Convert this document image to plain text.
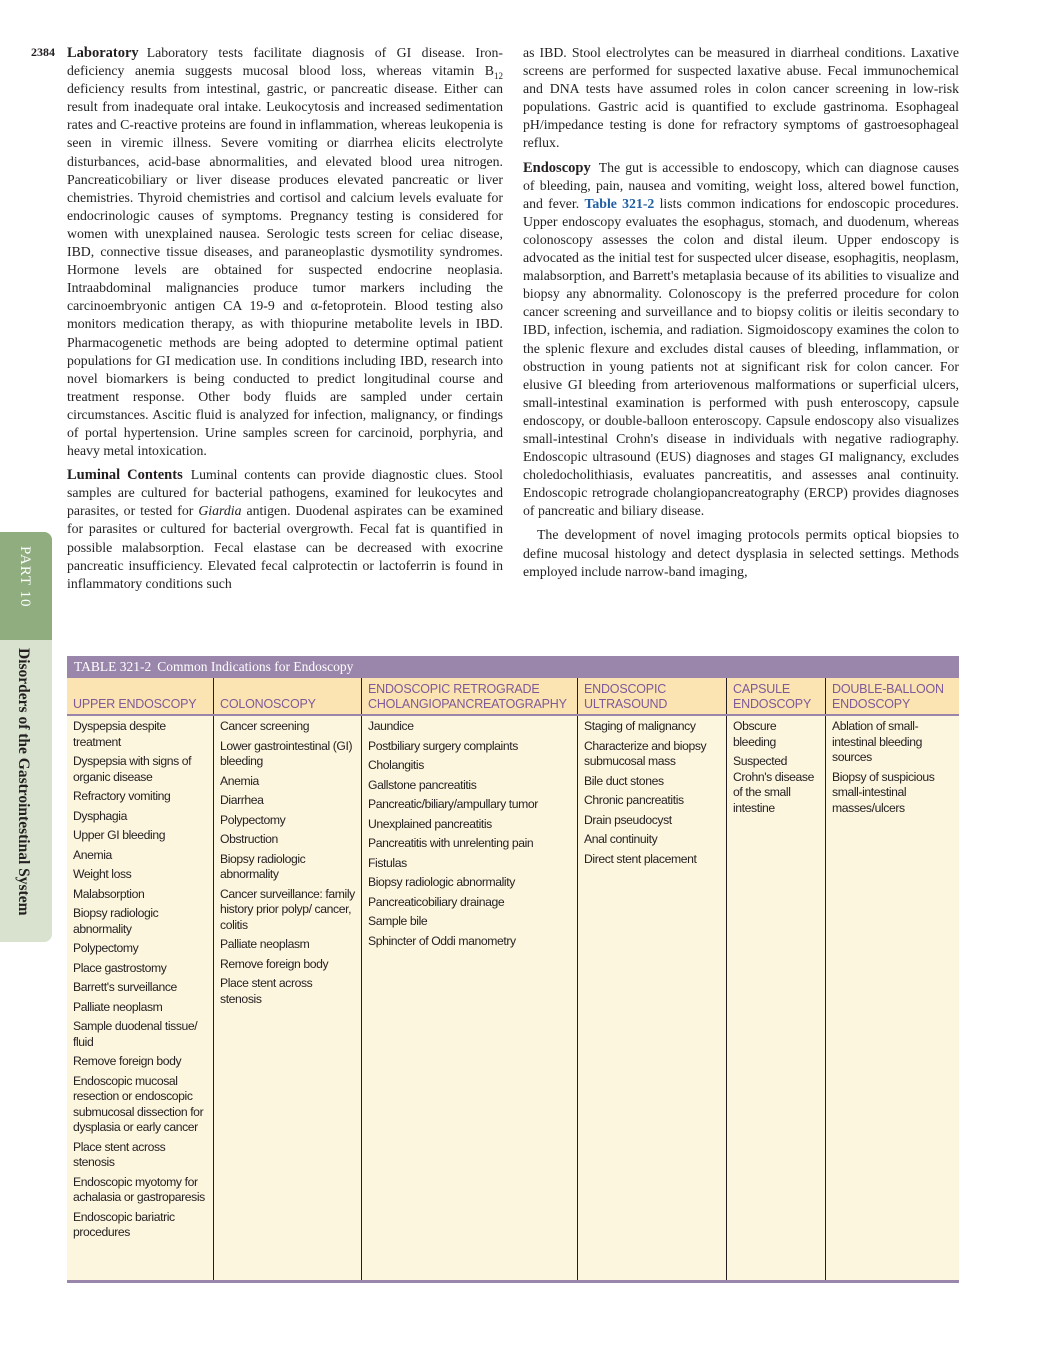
2384
PART 10
Disorders of the Gastrointestinal System

Laboratory Laboratory tests facilitate diagnosis of GI disease. Iron-deficiency anemia suggests mucosal blood loss, whereas vitamin $B_{12}$ deficiency results from intestinal, gastric, or pancreatic disease. Either can result from inadequate oral intake. Leukocytosis and increased sedimentation rates and C-reactive proteins are found in inflammation, whereas leukopenia is seen in viremic illness. Severe vomiting or diarrhea elicits electrolyte disturbances, acid-base abnormalities, and elevated blood urea nitrogen. Pancreaticobiliary or liver disease produces elevated pancreatic or liver chemistries. Thyroid chemistries and cortisol and calcium levels evaluate for endocrinologic causes of symptoms. Pregnancy testing is considered for women with unexplained nausea. Serologic tests screen for celiac disease, IBD, connective tissue diseases, and paraneoplastic dysmotility syndromes. Hormone levels are obtained for suspected endocrine neoplasia. Intraabdominal malignancies produce tumor markers including the carcinoembryonic antigen CA 19-9 and α-fetoprotein. Blood testing also monitors medication therapy, as with thiopurine metabolite levels in IBD. Pharmacogenetic methods are being adopted to determine optimal patient populations for GI medication use. In conditions including IBD, research into novel biomarkers is being conducted to predict longitudinal course and treatment response. Other body fluids are sampled under certain circumstances. Ascitic fluid is analyzed for infection, malignancy, or findings of portal hypertension. Urine samples screen for carcinoid, porphyria, and heavy metal intoxication.

Luminal Contents Luminal contents can provide diagnostic clues. Stool samples are cultured for bacterial pathogens, examined for leukocytes and parasites, or tested for Giardia antigen. Duodenal aspirates can be examined for parasites or cultured for bacterial overgrowth. Fecal fat is quantified in possible malabsorption. Fecal elastase can be decreased with exocrine pancreatic insufficiency. Elevated fecal calprotectin or lactoferrin is found in inflammatory conditions such

as IBD. Stool electrolytes can be measured in diarrheal conditions. Laxative screens are performed for suspected laxative abuse. Fecal immunochemical and DNA tests have assumed roles in colon cancer screening in low-risk populations. Gastric acid is quantified to exclude gastrinoma. Esophageal pH/impedance testing is done for refractory symptoms of gastroesophageal reflux.

Endoscopy The gut is accessible to endoscopy, which can diagnose causes of bleeding, pain, nausea and vomiting, weight loss, altered bowel function, and fever. Table 321-2 lists common indications for endoscopic procedures. Upper endoscopy evaluates the esophagus, stomach, and duodenum, whereas colonoscopy assesses the colon and distal ileum. Upper endoscopy is advocated as the initial test for suspected ulcer disease, esophagitis, neoplasm, malabsorption, and Barrett's metaplasia because of its abilities to visualize and biopsy any abnormality. Colonoscopy is the preferred procedure for colon cancer screening and surveillance and to biopsy colitis or ileitis secondary to IBD, infection, ischemia, and radiation. Sigmoidoscopy examines the colon to the splenic flexure and excludes distal causes of bleeding, inflammation, or obstruction in young patients not at significant risk for colon cancer. For elusive GI bleeding from arteriovenous malformations or superficial ulcers, small-intestinal examination is performed with push enteroscopy, capsule endoscopy, or double-balloon enteroscopy. Capsule endoscopy also visualizes small-intestinal Crohn's disease in individuals with negative radiography. Endoscopic ultrasound (EUS) diagnoses and stages GI malignancy, excludes choledocholithiasis, evaluates pancreatitis, and assesses anal continuity. Endoscopic retrograde cholangiopancreatography (ERCP) provides diagnoses of pancreatic and biliary disease.

The development of novel imaging protocols permits optical biopsies to define mucosal histology and detect dysplasia in selected settings. Methods employed include narrow-band imaging,

TABLE 321-2 Common Indications for Endoscopy
UPPER ENDOSCOPY	COLONOSCOPY
ENDOSCOPIC RETROGRADE CHOLANGIOPANCREATOGRAPHY
ENDOSCOPIC ULTRASOUND
CAPSULE ENDOSCOPY
DOUBLE-BALLOON ENDOSCOPY
Dyspepsia despite treatment
Dyspepsia with signs of organic disease
Refractory vomiting
Dysphagia
Upper GI bleeding
Anemia
Weight loss
Malabsorption
Biopsy radiologic abnormality
Polypectomy
Place gastrostomy
Barrett's surveillance
Palliate neoplasm
Sample duodenal tissue/ fluid
Remove foreign body
Endoscopic mucosal resection or endoscopic submucosal dissection for dysplasia or early cancer
Place stent across stenosis
Endoscopic myotomy for achalasia or gastroparesis
Endoscopic bariatric procedures
Cancer screening
Lower gastrointestinal (GI) bleeding
Anemia
Diarrhea
Polypectomy
Obstruction
Biopsy radiologic abnormality
Cancer surveillance: family history prior polyp/ cancer, colitis
Palliate neoplasm
Remove foreign body
Place stent across stenosis
Jaundice
Postbiliary surgery complaints
Cholangitis
Gallstone pancreatitis
Pancreatic/biliary/ampullary tumor
Unexplained pancreatitis
Pancreatitis with unrelenting pain
Fistulas
Biopsy radiologic abnormality
Pancreaticobiliary drainage
Sample bile
Sphincter of Oddi manometry
Staging of malignancy
Characterize and biopsy submucosal mass
Bile duct stones
Chronic pancreatitis
Drain pseudocyst
Anal continuity
Direct stent placement
Obscure bleeding
Suspected Crohn's disease of the small intestine
Ablation of small-intestinal bleeding sources
Biopsy of suspicious small-intestinal masses/ulcers
